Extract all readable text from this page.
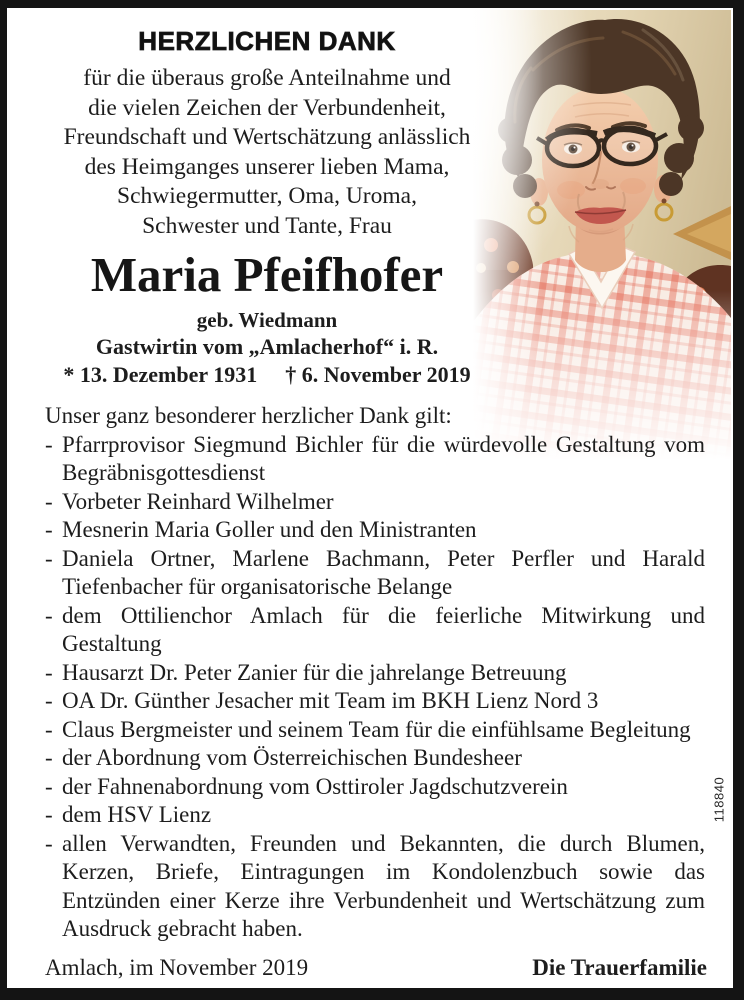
HERZLICHEN DANK
für die überaus große Anteilnahme und
die vielen Zeichen der Verbundenheit,
Freundschaft und Wertschätzung anlässlich
des Heimganges unserer lieben Mama,
Schwiegermutter, Oma, Uroma,
Schwester und Tante, Frau
Maria Pfeifhofer
geb. Wiedmann
Gastwirtin vom „Amlacherhof“ i. R.
* 13. Dezember 1931 † 6. November 2019
Unser ganz besonderer herzlicher Dank gilt:
- Pfarrprovisor Siegmund Bichler für die würdevolle Gestaltung vom Begräbnisgottesdienst
- Vorbeter Reinhard Wilhelmer
- Mesnerin Maria Goller und den Ministranten
- Daniela Ortner, Marlene Bachmann, Peter Perfler und Harald Tiefenbacher für organisatorische Belange
- dem Ottilienchor Amlach für die feierliche Mitwirkung und Gestaltung
- Hausarzt Dr. Peter Zanier für die jahrelange Betreuung
- OA Dr. Günther Jesacher mit Team im BKH Lienz Nord 3
- Claus Bergmeister und seinem Team für die einfühlsame Begleitung
- der Abordnung vom Österreichischen Bundesheer
- der Fahnenabordnung vom Osttiroler Jagdschutzverein
- dem HSV Lienz
- allen Verwandten, Freunden und Bekannten, die durch Blumen, Kerzen, Briefe, Eintragungen im Kondolenzbuch sowie das Entzünden einer Kerze ihre Verbundenheit und Wertschätzung zum Ausdruck gebracht haben.
Amlach, im November 2019	Die Trauerfamilie
118840
